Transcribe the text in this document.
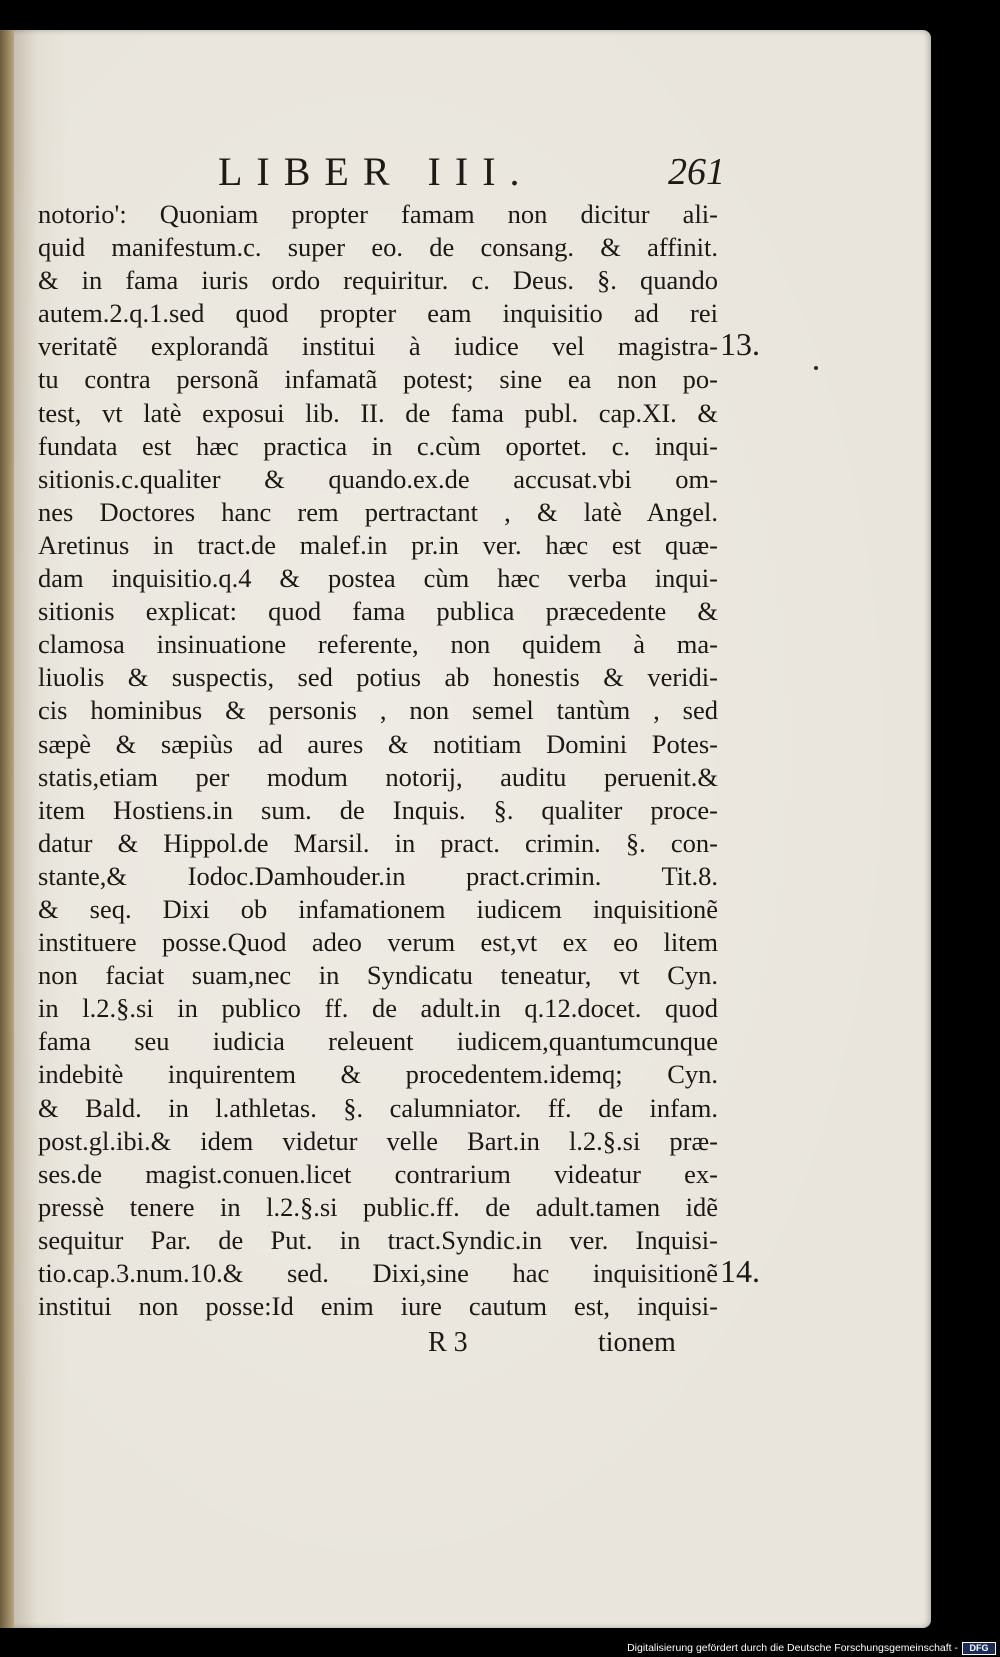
LIBER III.	261
notorio': Quoniam propter famam non dicitur ali-
quid manifestum.c. super eo. de consang. & affinit.
& in fama iuris ordo requiritur. c. Deus. §. quando
autem.2.q.1.sed quod propter eam inquisitio ad rei
veritatẽ explorandã institui à iudice vel magistra-
tu contra personã infamatã potest; sine ea non po-
test, vt latè exposui lib. II. de fama publ. cap.XI. &
fundata est hæc practica in c.cùm oportet. c. inqui-
sitionis.c.qualiter & quando.ex.de accusat.vbi om-
nes Doctores hanc rem pertractant , & latè Angel.
Aretinus in tract.de malef.in pr.in ver. hæc est quæ-
dam inquisitio.q.4 & postea cùm hæc verba inqui-
sitionis explicat: quod fama publica præcedente &
clamosa insinuatione referente, non quidem à ma-
liuolis & suspectis, sed potius ab honestis & veridi-
cis hominibus & personis , non semel tantùm , sed
sæpè & sæpiùs ad aures & notitiam Domini Potes-
statis,etiam per modum notorij, auditu peruenit.&
item Hostiens.in sum. de Inquis. §. qualiter proce-
datur & Hippol.de Marsil. in pract. crimin. §. con-
stante,& Iodoc.Damhouder.in pract.crimin. Tit.8.
& seq. Dixi ob infamationem iudicem inquisitionẽ
instituere posse.Quod adeo verum est,vt ex eo litem
non faciat suam,nec in Syndicatu teneatur, vt Cyn.
in l.2.§.si in publico ff. de adult.in q.12.docet. quod
fama seu iudicia releuent iudicem,quantumcunque
indebitè inquirentem & procedentem.idemq; Cyn.
& Bald. in l.athletas. §. calumniator. ff. de infam.
post.gl.ibi.& idem videtur velle Bart.in l.2.§.si præ-
ses.de magist.conuen.licet contrarium videatur ex-
pressè tenere in l.2.§.si public.ff. de adult.tamen idẽ
sequitur Par. de Put. in tract.Syndic.in ver. Inquisi-
tio.cap.3.num.10.& sed. Dixi,sine hac inquisitionẽ
institui non posse:Id enim iure cautum est, inquisi-
13.
14.
R 3	tionem
Digitalisierung gefördert durch die Deutsche Forschungsgemeinschaft -	DFG
